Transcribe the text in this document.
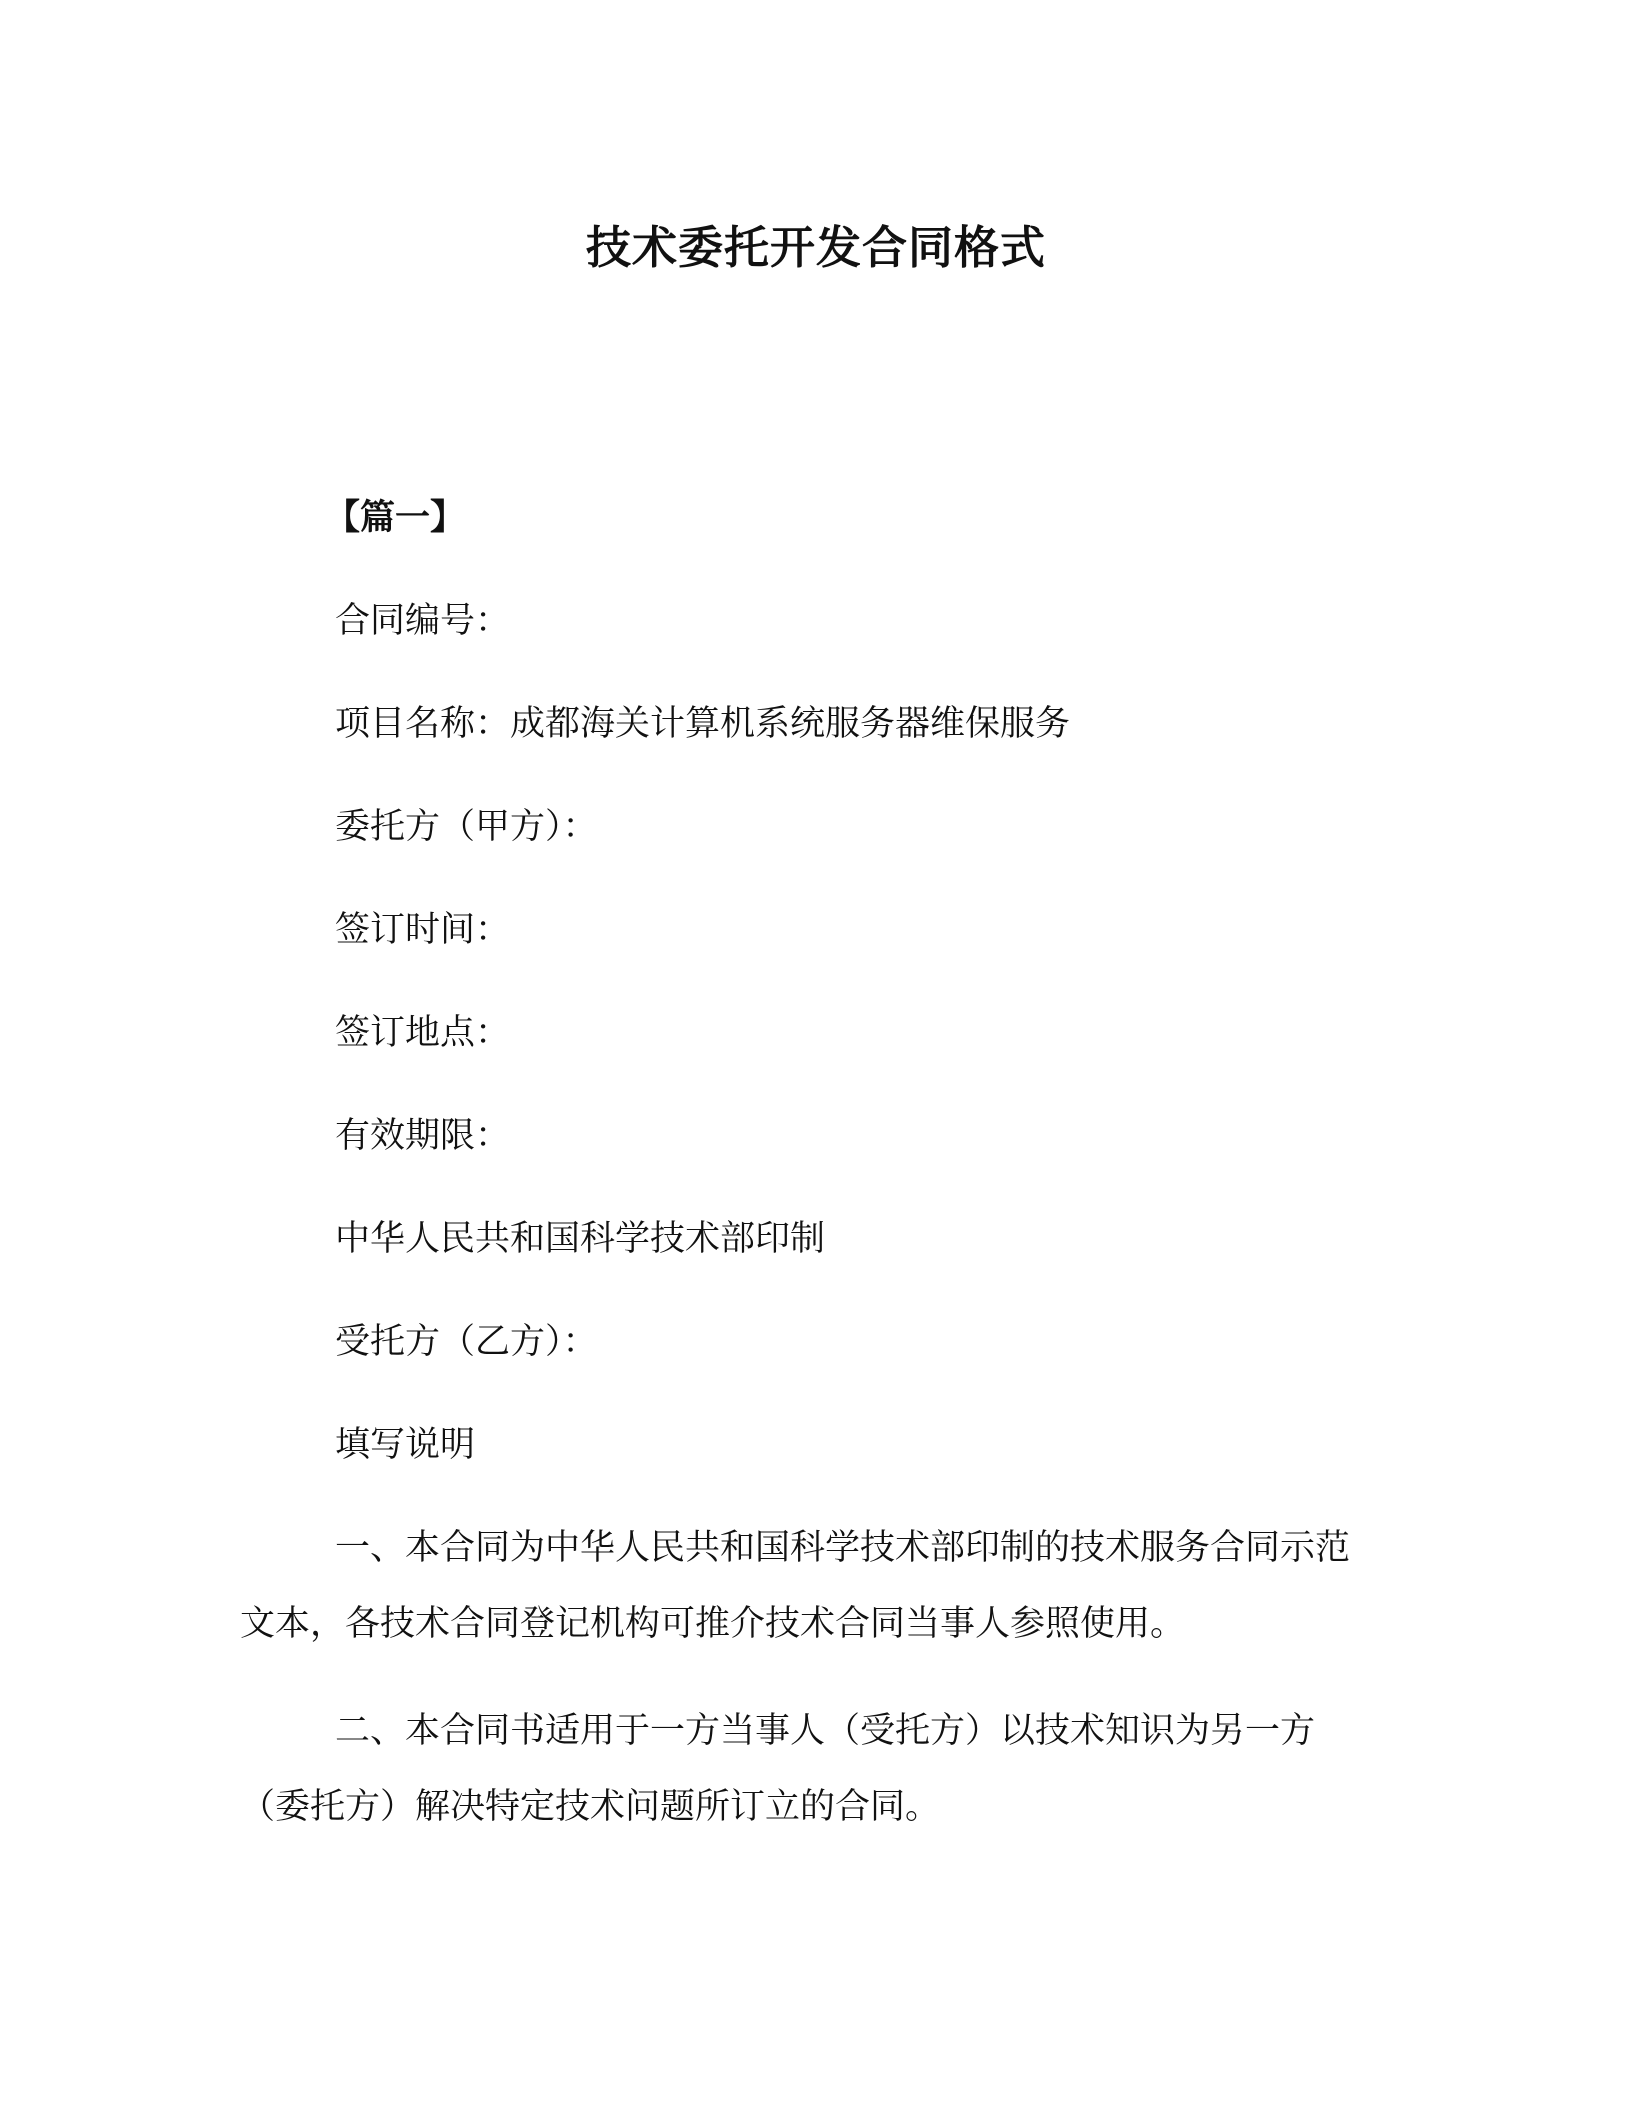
技术委托开发合同格式
【篇一】
合同编号：
项目名称：成都海关计算机系统服务器维保服务
委托方（甲方）：
签订时间：
签订地点：
有效期限：
中华人民共和国科学技术部印制
受托方（乙方）：
填写说明
一、本合同为中华人民共和国科学技术部印制的技术服务合同示范文本，各技术合同登记机构可推介技术合同当事人参照使用。
二、本合同书适用于一方当事人（受托方）以技术知识为另一方（委托方）解决特定技术问题所订立的合同。
